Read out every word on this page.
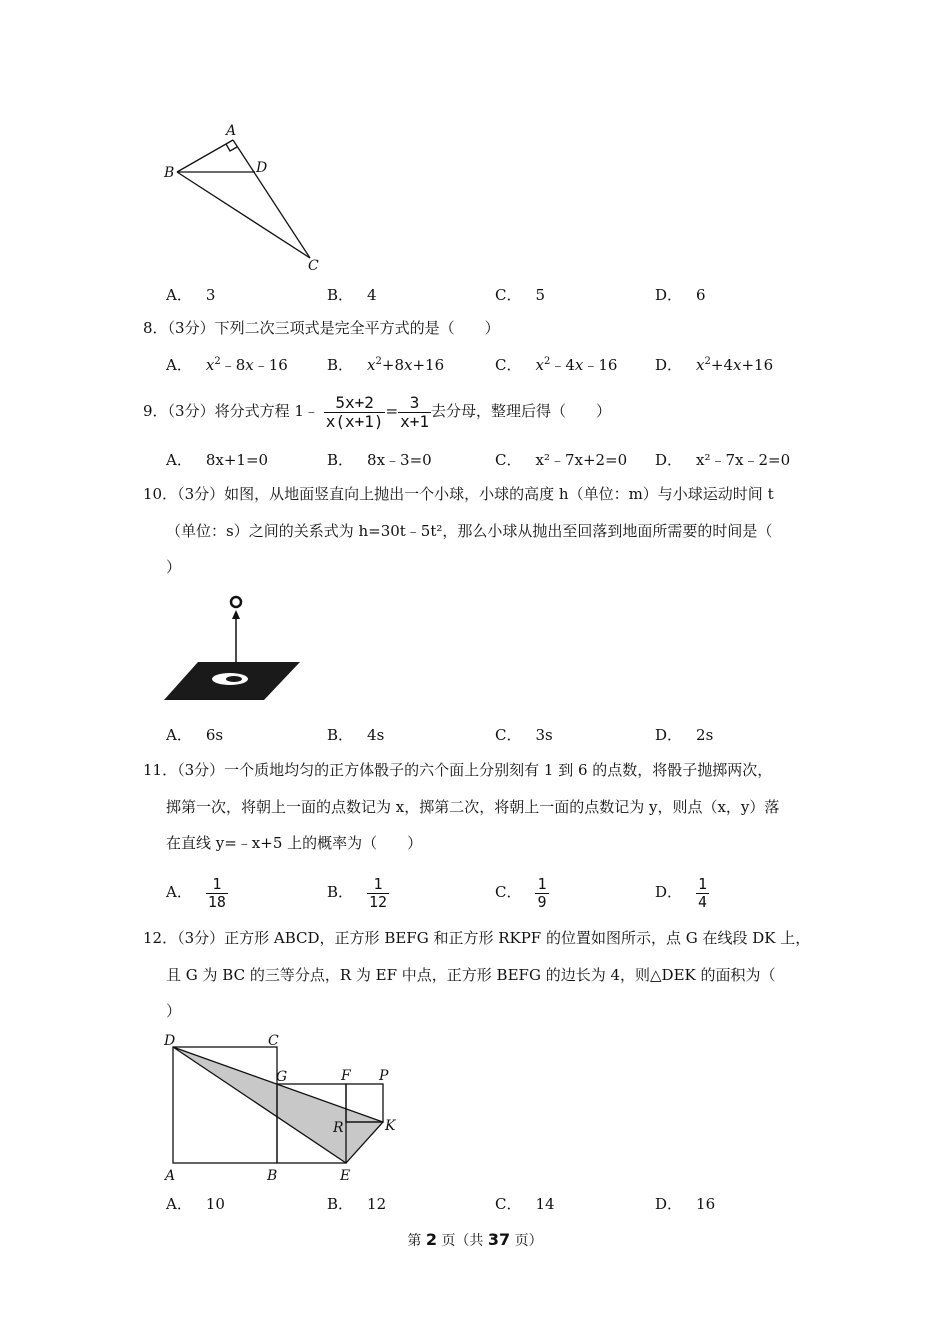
A
B	D
C
A． 3	B． 4	C． 5	D． 6
8．（3分）下列二次三项式是完全平方式的是（　　）
A． $x^2﹣8x﹣16$	B． $x^2+8x+16$	C． $x^2﹣4x﹣16$	D． $x^2+4x+16$
9．（3分）将分式方程 1﹣ $\frac{5x+2}{x(x+1)} = \frac{3}{x+1}$ 去分母，整理后得（　　）
A． 8x+1=0	B． 8x﹣3=0	C． x²﹣7x+2=0 D． x²﹣7x﹣2=0
10．（3分）如图，从地面竖直向上抛出一个小球，小球的高度 h（单位：m）与小球运动时间 t
（单位：s）之间的关系式为 h=30t﹣5t²，那么小球从抛出至回落到地面所需要的时间是（
）
A． 6s	B． 4s	C． 3s	D． 2s
11．（3分）一个质地均匀的正方体骰子的六个面上分别刻有 1 到 6 的点数，将骰子抛掷两次，
掷第一次，将朝上一面的点数记为 x，掷第二次，将朝上一面的点数记为 y，则点（x，y）落
在直线 y=﹣x+5 上的概率为（　　）
A． $\frac{1}{18}$	B． $\frac{1}{12}$	C． $\frac{1}{9}$	D． $\frac{1}{4}$
12．（3分）正方形 ABCD，正方形 BEFG 和正方形 RKPF 的位置如图所示，点 G 在线段 DK 上，
且 G 为 BC 的三等分点，R 为 EF 中点，正方形 BEFG 的边长为 4，则△DEK 的面积为（
）
D	C
G	F P
R	K
A	B	E
A． 10	B． 12	C． 14	D． 16
第 2 页（共 37 页）
